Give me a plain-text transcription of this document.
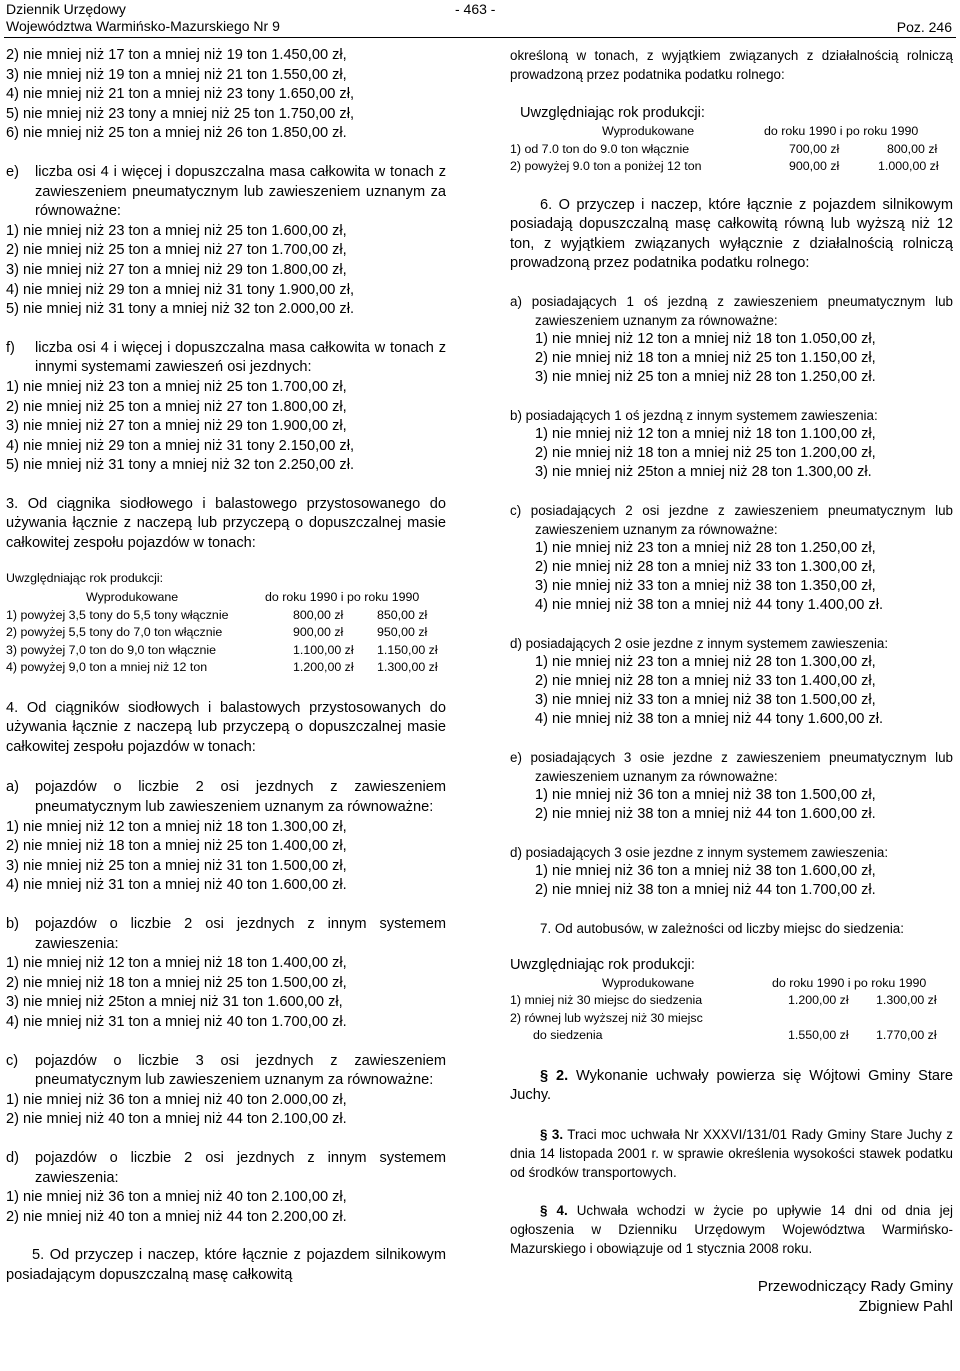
Dziennik Urzędowy
Województwa Warmińsko-Mazurskiego Nr 9
- 463 -
Poz. 246
2) nie mniej niż 17 ton a mniej niż 19 ton 1.450,00 zł,
3) nie mniej niż 19 ton a mniej niż 21 ton 1.550,00 zł,
4) nie mniej niż 21 ton a mniej niż 23 tony 1.650,00 zł,
5) nie mniej niż 23 tony a mniej niż 25 ton 1.750,00 zł,
6) nie mniej niż 25 ton a mniej niż 26 ton 1.850,00 zł.
e)	liczba osi 4 i więcej i dopuszczalna masa całkowita w tonach z zawieszeniem pneumatycznym lub zawieszeniem uznanym za równoważne:
1) nie mniej niż 23 ton a mniej niż 25 ton 1.600,00 zł,
2) nie mniej niż 25 ton a mniej niż 27 ton 1.700,00 zł,
3) nie mniej niż 27 ton a mniej niż 29 ton 1.800,00 zł,
4) nie mniej niż 29 ton a mniej niż 31 tony 1.900,00 zł,
5) nie mniej niż 31 tony a mniej niż 32 ton 2.000,00 zł.
f)	liczba osi 4 i więcej i dopuszczalna masa całkowita w tonach z innymi systemami zawieszeń osi jezdnych:
1) nie mniej niż 23 ton a mniej niż 25 ton 1.700,00 zł,
2) nie mniej niż 25 ton a mniej niż 27 ton 1.800,00 zł,
3) nie mniej niż 27 ton a mniej niż 29 ton 1.900,00 zł,
4) nie mniej niż 29 ton a mniej niż 31 tony 2.150,00 zł,
5) nie mniej niż 31 tony a mniej niż 32 ton 2.250,00 zł.
3. Od ciągnika siodłowego i balastowego przystosowanego do używania łącznie z naczepą lub przyczepą o dopuszczalnej masie całkowitej zespołu pojazdów w tonach:
Uwzględniając rok produkcji:
Wyprodukowane	do roku 1990 i po roku 1990
1) powyżej 3,5 tony do 5,5 tony włącznie	800,00 zł	850,00 zł
2) powyżej 5,5 tony do 7,0 ton włącznie	900,00 zł	950,00 zł
3) powyżej 7,0 ton do 9,0 ton włącznie	1.100,00 zł	1.150,00 zł
4) powyżej 9,0 ton a mniej niż 12 ton	1.200,00 zł	1.300,00 zł
4. Od ciągników siodłowych i balastowych przystosowanych do używania łącznie z naczepą lub przyczepą o dopuszczalnej masie całkowitej zespołu pojazdów w tonach:
a)	pojazdów o liczbie 2 osi jezdnych z zawieszeniem pneumatycznym lub zawieszeniem uznanym za równoważne:
1) nie mniej niż 12 ton a mniej niż 18 ton 1.300,00 zł,
2) nie mniej niż 18 ton a mniej niż 25 ton 1.400,00 zł,
3) nie mniej niż 25 ton a mniej niż 31 ton 1.500,00 zł,
4) nie mniej niż 31 ton a mniej niż 40 ton 1.600,00 zł.
b)	pojazdów o liczbie 2 osi jezdnych z innym systemem zawieszenia:
1) nie mniej niż 12 ton a mniej niż 18 ton 1.400,00 zł,
2) nie mniej niż 18 ton a mniej niż 25 ton 1.500,00 zł,
3) nie mniej niż 25ton a mniej niż 31 ton 1.600,00 zł,
4) nie mniej niż 31 ton a mniej niż 40 ton 1.700,00 zł.
c)	pojazdów o liczbie 3 osi jezdnych z zawieszeniem pneumatycznym lub zawieszeniem uznanym za równoważne:
1) nie mniej niż 36 ton a mniej niż 40 ton 2.000,00 zł,
2) nie mniej niż 40 ton a mniej niż 44 ton 2.100,00 zł.
d)	pojazdów o liczbie 2 osi jezdnych z innym systemem zawieszenia:
1) nie mniej niż 36 ton a mniej niż 40 ton 2.100,00 zł,
2) nie mniej niż 40 ton a mniej niż 44 ton 2.200,00 zł.
5. Od przyczep i naczep, które łącznie z pojazdem silnikowym posiadającym dopuszczalną masę całkowitą
określoną w tonach, z wyjątkiem związanych z działalnością rolniczą prowadzoną przez podatnika podatku rolnego:
Uwzględniając rok produkcji:
Wyprodukowane	do roku 1990 i po roku 1990
1) od 7.0 ton do 9.0 ton włącznie	700,00 zł	800,00 zł
2) powyżej 9.0 ton a poniżej 12 ton	900,00 zł	1.000,00 zł
6. O przyczep i naczep, które łącznie z pojazdem silnikowym posiadają dopuszczalną masę całkowitą równą lub wyższą niż 12 ton, z wyjątkiem związanych wyłącznie z działalnością rolniczą prowadzoną przez podatnika podatku rolnego:
a) posiadających 1 oś jezdną z zawieszeniem pneumatycznym lub zawieszeniem uznanym za równoważne:
1) nie mniej niż 12 ton a mniej niż 18 ton 1.050,00 zł,
2) nie mniej niż 18 ton a mniej niż 25 ton 1.150,00 zł,
3) nie mniej niż 25 ton a mniej niż 28 ton 1.250,00 zł.
b) posiadających 1 oś jezdną z innym systemem zawieszenia:
1) nie mniej niż 12 ton a mniej niż 18 ton 1.100,00 zł,
2) nie mniej niż 18 ton a mniej niż 25 ton 1.200,00 zł,
3) nie mniej niż 25ton a mniej niż 28 ton 1.300,00 zł.
c) posiadających 2 osi jezdne z zawieszeniem pneumatycznym lub zawieszeniem uznanym za równoważne:
1) nie mniej niż 23 ton a mniej niż 28 ton 1.250,00 zł,
2) nie mniej niż 28 ton a mniej niż 33 ton 1.300,00 zł,
3) nie mniej niż 33 ton a mniej niż 38 ton 1.350,00 zł,
4) nie mniej niż 38 ton a mniej niż 44 tony 1.400,00 zł.
d) posiadających 2 osie jezdne z innym systemem zawieszenia:
1) nie mniej niż 23 ton a mniej niż 28 ton 1.300,00 zł,
2) nie mniej niż 28 ton a mniej niż 33 ton 1.400,00 zł,
3) nie mniej niż 33 ton a mniej niż 38 ton 1.500,00 zł,
4) nie mniej niż 38 ton a mniej niż 44 tony 1.600,00 zł.
e) posiadających 3 osie jezdne z zawieszeniem pneumatycznym lub zawieszeniem uznanym za równoważne:
1) nie mniej niż 36 ton a mniej niż 38 ton 1.500,00 zł,
2) nie mniej niż 38 ton a mniej niż 44 ton 1.600,00 zł.
d) posiadających 3 osie jezdne z innym systemem zawieszenia:
1) nie mniej niż 36 ton a mniej niż 38 ton 1.600,00 zł,
2) nie mniej niż 38 ton a mniej niż 44 ton 1.700,00 zł.
7. Od autobusów, w zależności od liczby miejsc do siedzenia:
Uwzględniając rok produkcji:
Wyprodukowane	do roku 1990 i po roku 1990
1) mniej niż 30 miejsc do siedzenia	1.200,00 zł	1.300,00 zł
2) równej lub wyższej niż 30 miejsc
do siedzenia	1.550,00 zł	1.770,00 zł
§ 2. Wykonanie uchwały powierza się Wójtowi Gminy Stare Juchy.
§ 3. Traci moc uchwała Nr XXXVI/131/01 Rady Gminy Stare Juchy z dnia 14 listopada 2001 r. w sprawie określenia wysokości stawek podatku od środków transportowych.
§ 4. Uchwała wchodzi w życie po upływie 14 dni od dnia jej ogłoszenia w Dzienniku Urzędowym Województwa Warmińsko-Mazurskiego i obowiązuje od 1 stycznia 2008 roku.
Przewodniczący Rady Gminy
Zbigniew Pahl
